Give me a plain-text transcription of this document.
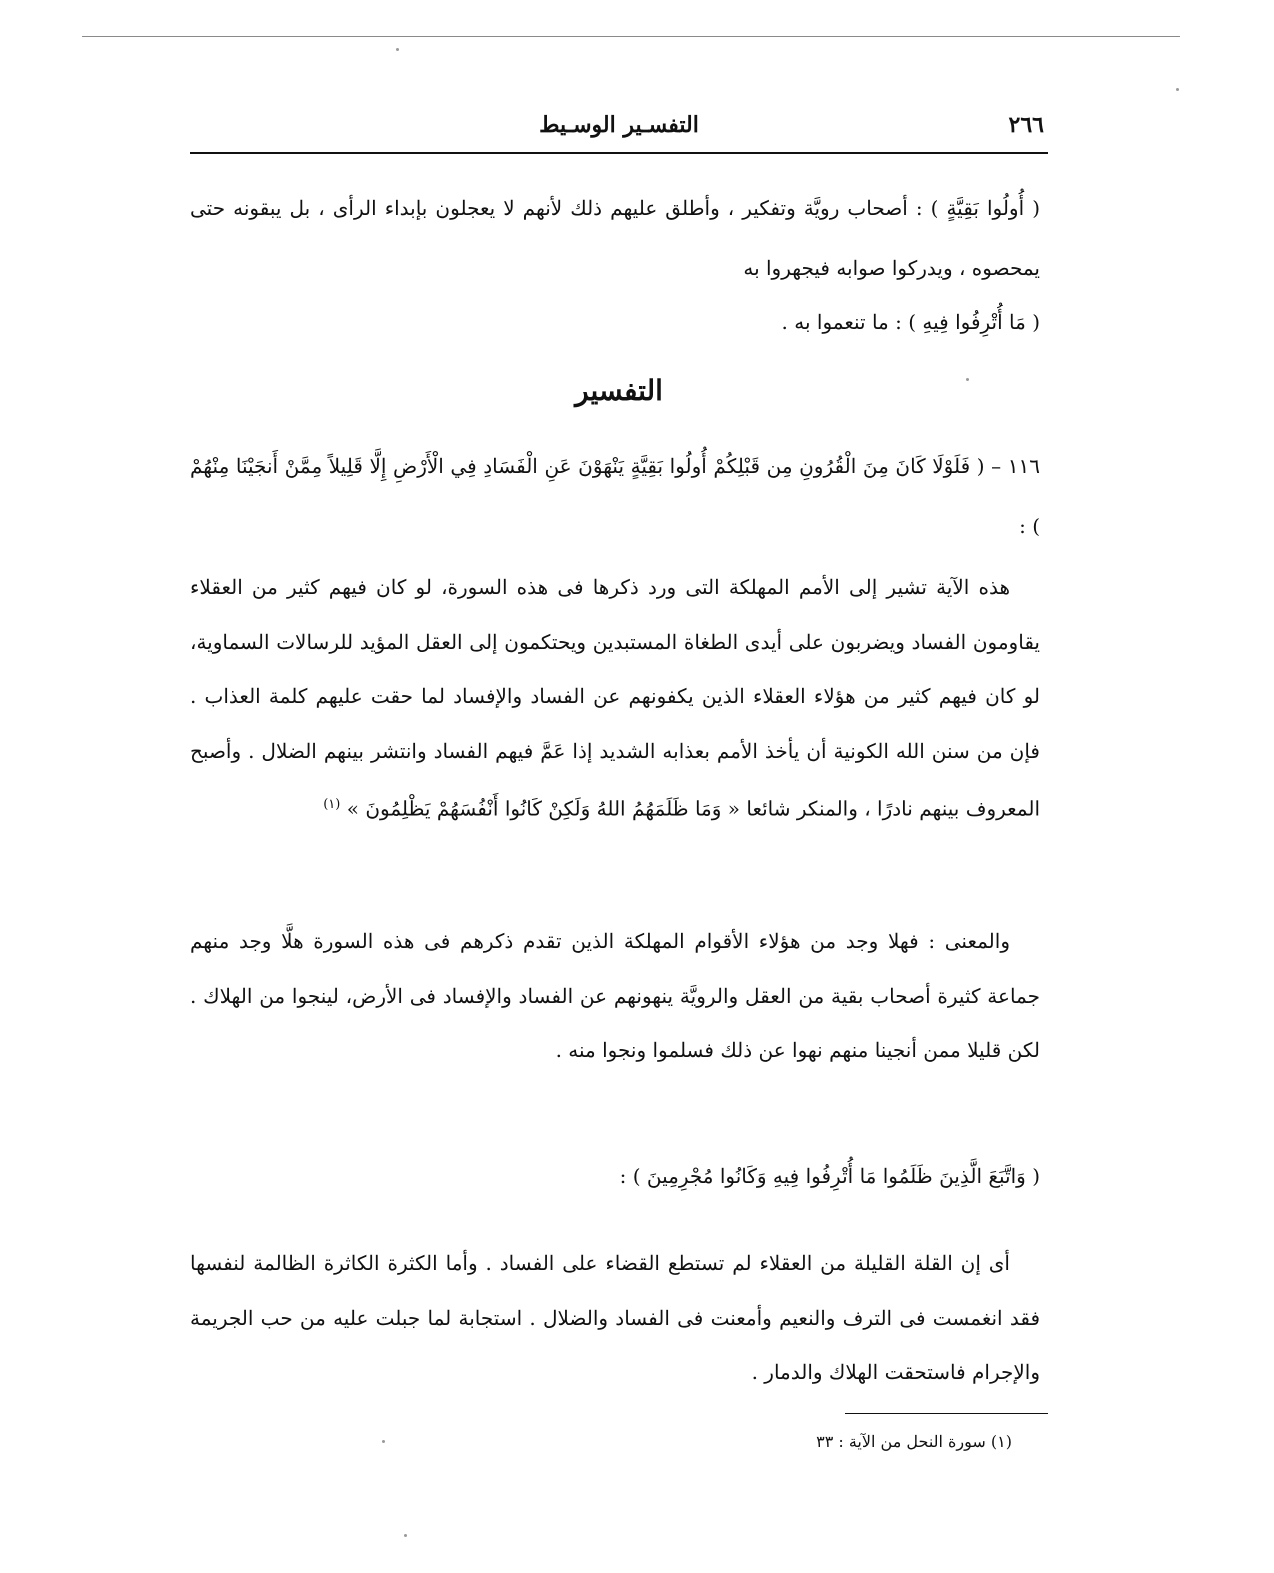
٢٦٦
التفسـير الوسـيط

( أُولُوا بَقِيَّةٍ ) : أصحاب رويَّة وتفكير ، وأطلق عليهم ذلك لأنهم لا يعجلون بإبداء الرأى ، بل يبقونه حتى يمحصوه ، ويدركوا صوابه فيجهروا به

( مَا أُتْرِفُوا فِيهِ ) : ما تنعموا به .

التفسير

١١٦ – ( فَلَوْلَا كَانَ مِنَ الْقُرُونِ مِن قَبْلِكُمْ أُولُوا بَقِيَّةٍ يَنْهَوْنَ عَنِ الْفَسَادِ فِي الْأَرْضِ إِلَّا قَلِيلاً مِمَّنْ أَنجَيْنَا مِنْهُمْ ) :

هذه الآية تشير إلى الأمم المهلكة التى ورد ذكرها فى هذه السورة، لو كان فيهم كثير من العقلاء يقاومون الفساد ويضربون على أيدى الطغاة المستبدين ويحتكمون إلى العقل المؤيد للرسالات السماوية، لو كان فيهم كثير من هؤلاء العقلاء الذين يكفونهم عن الفساد والإفساد لما حقت عليهم كلمة العذاب . فإن من سنن الله الكونية أن يأخذ الأمم بعذابه الشديد إذا عَمَّ فيهم الفساد وانتشر بينهم الضلال . وأصبح المعروف بينهم نادرًا ، والمنكر شائعا « وَمَا ظَلَمَهُمُ اللهُ وَلَكِنْ كَانُوا أَنْفُسَهُمْ يَظْلِمُونَ » $^{(١)}$

والمعنى : فهلا وجد من هؤلاء الأقوام المهلكة الذين تقدم ذكرهم فى هذه السورة هلَّا وجد منهم جماعة كثيرة أصحاب بقية من العقل والرويَّة ينهونهم عن الفساد والإفساد فى الأرض، لينجوا من الهلاك . لكن قليلا ممن أنجينا منهم نهوا عن ذلك فسلموا ونجوا منه .

( وَاتَّبَعَ الَّذِينَ ظَلَمُوا مَا أُتْرِفُوا فِيهِ وَكَانُوا مُجْرِمِينَ ) :

أى إن القلة القليلة من العقلاء لم تستطع القضاء على الفساد . وأما الكثرة الكاثرة الظالمة لنفسها فقد انغمست فى الترف والنعيم وأمعنت فى الفساد والضلال . استجابة لما جبلت عليه من حب الجريمة والإجرام فاستحقت الهلاك والدمار .

(١) سورة النحل من الآية : ٣٣
